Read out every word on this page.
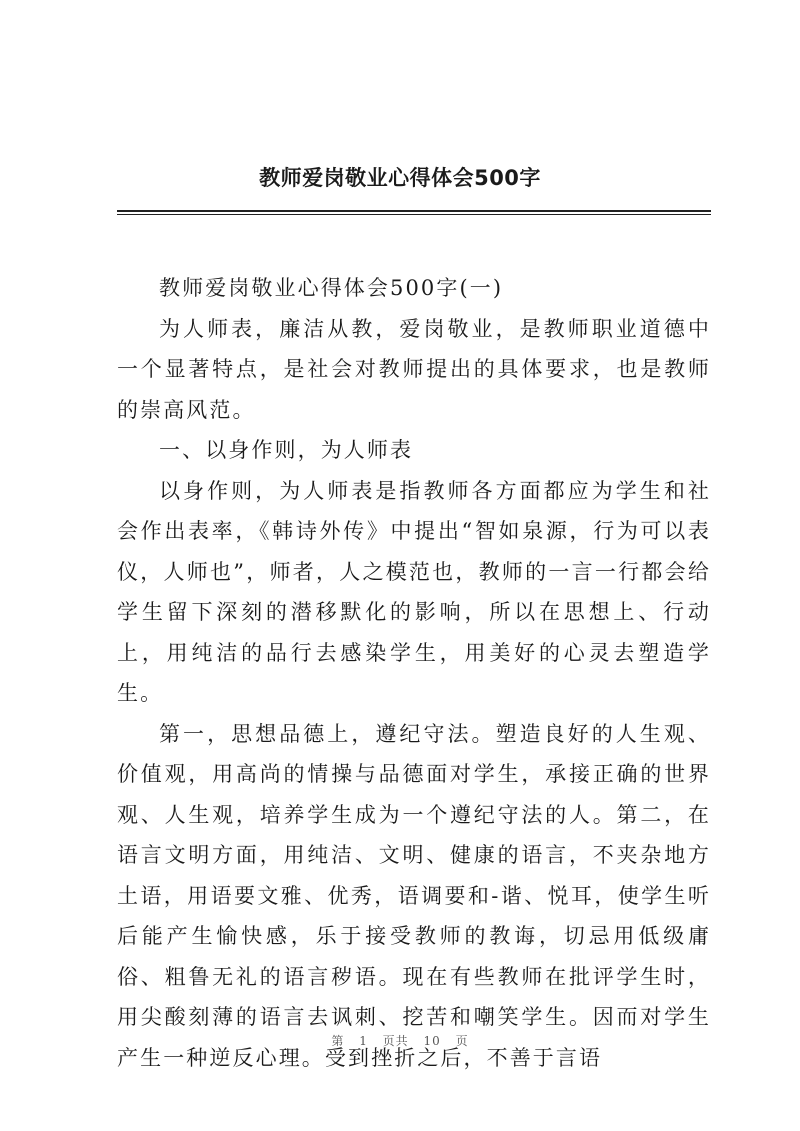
教师爱岗敬业心得体会500字

教师爱岗敬业心得体会500字(一)

为人师表，廉洁从教，爱岗敬业，是教师职业道德中一个显著特点，是社会对教师提出的具体要求，也是教师的崇高风范。

一、以身作则，为人师表

以身作则，为人师表是指教师各方面都应为学生和社会作出表率，《韩诗外传》中提出“智如泉源，行为可以表仪，人师也”，师者，人之模范也，教师的一言一行都会给学生留下深刻的潜移默化的影响，所以在思想上、行动上，用纯洁的品行去感染学生，用美好的心灵去塑造学生。

第一，思想品德上，遵纪守法。塑造良好的人生观、价值观，用高尚的情操与品德面对学生，承接正确的世界观、人生观，培养学生成为一个遵纪守法的人。第二，在语言文明方面，用纯洁、文明、健康的语言，不夹杂地方土语，用语要文雅、优秀，语调要和-谐、悦耳，使学生听后能产生愉快感，乐于接受教师的教诲，切忌用低级庸俗、粗鲁无礼的语言秽语。现在有些教师在批评学生时，用尖酸刻薄的语言去讽刺、挖苦和嘲笑学生。因而对学生产生一种逆反心理。受到挫折之后，不善于言语

第 1 页共 10 页
